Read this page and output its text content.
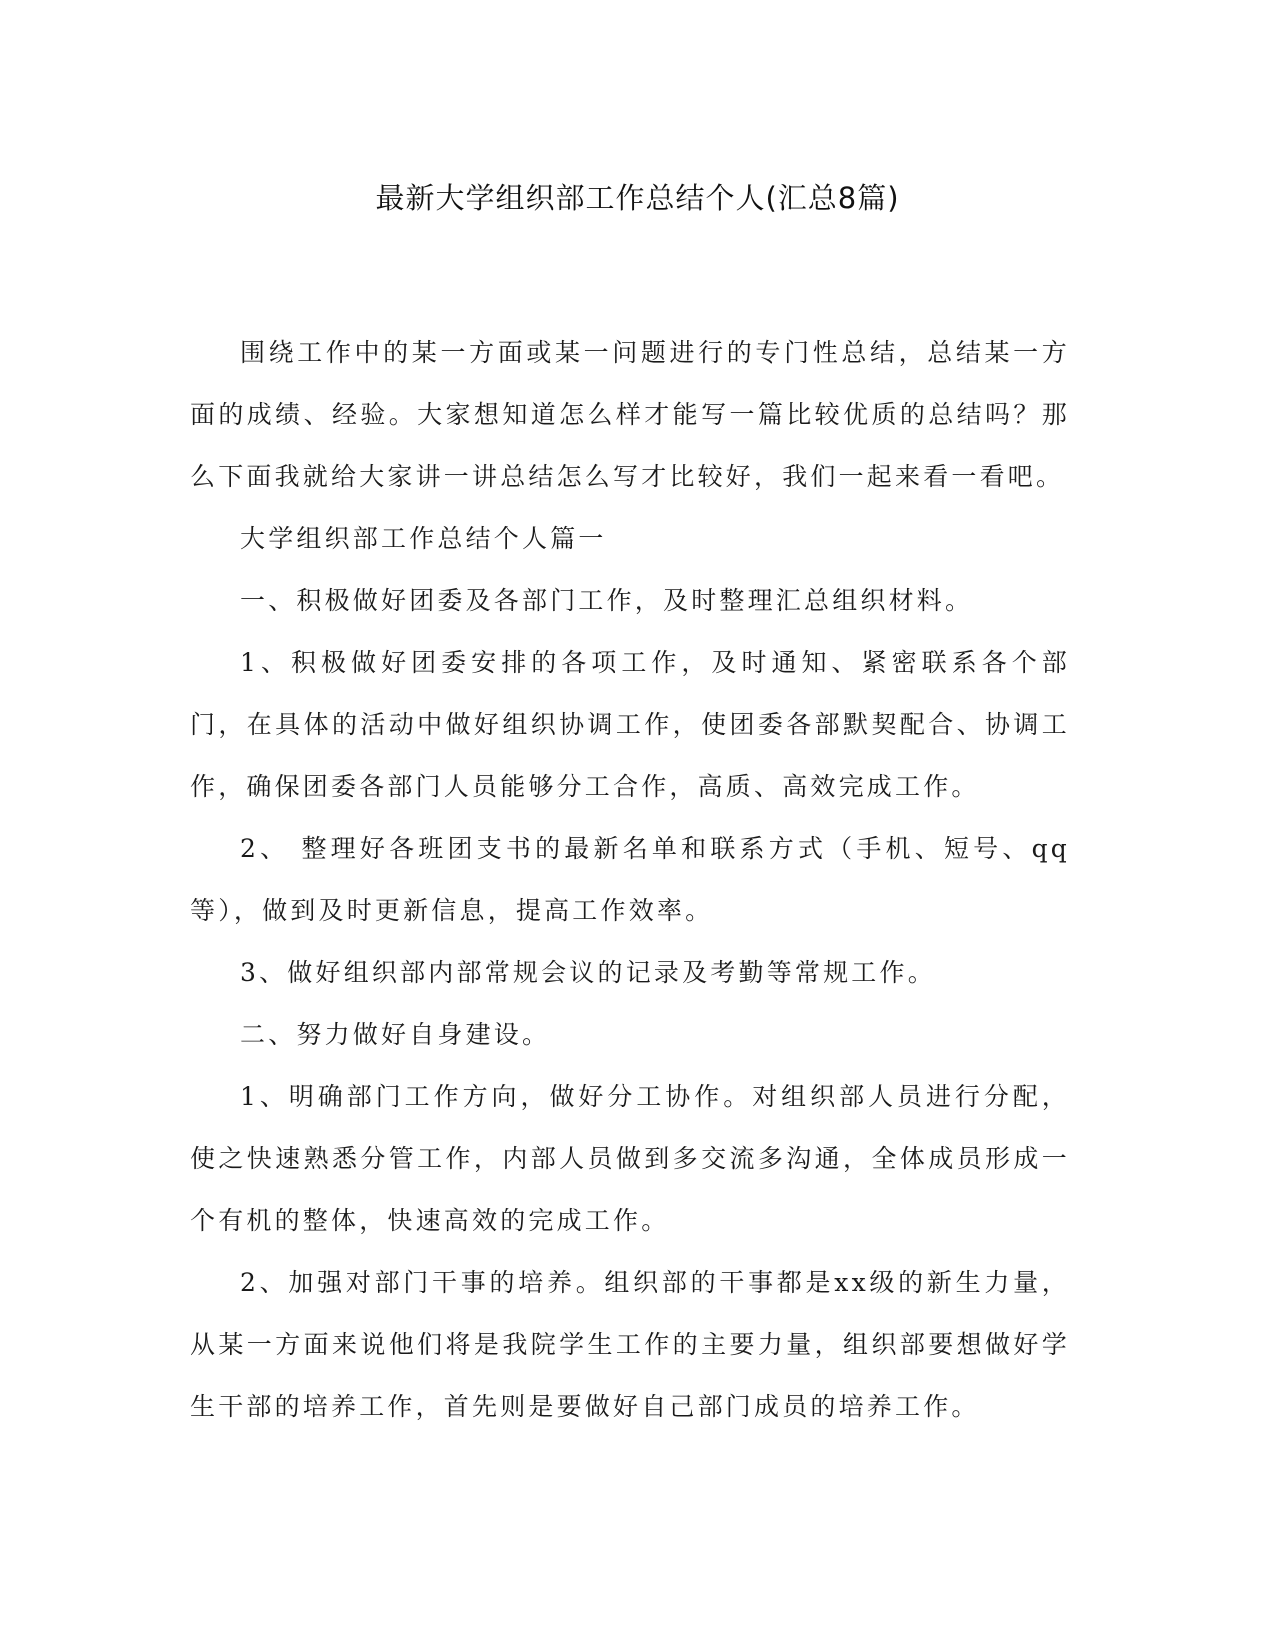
最新大学组织部工作总结个人(汇总8篇)

围绕工作中的某一方面或某一问题进行的专门性总结，总结某一方面的成绩、经验。大家想知道怎么样才能写一篇比较优质的总结吗？那么下面我就给大家讲一讲总结怎么写才比较好，我们一起来看一看吧。

大学组织部工作总结个人篇一

一、积极做好团委及各部门工作，及时整理汇总组织材料。

1、积极做好团委安排的各项工作，及时通知、紧密联系各个部门，在具体的活动中做好组织协调工作，使团委各部默契配合、协调工作，确保团委各部门人员能够分工合作，高质、高效完成工作。

2、 整理好各班团支书的最新名单和联系方式（手机、短号、qq等），做到及时更新信息，提高工作效率。

3、做好组织部内部常规会议的记录及考勤等常规工作。

二、努力做好自身建设。

1、明确部门工作方向，做好分工协作。对组织部人员进行分配，使之快速熟悉分管工作，内部人员做到多交流多沟通，全体成员形成一个有机的整体，快速高效的完成工作。

2、加强对部门干事的培养。组织部的干事都是xx级的新生力量，从某一方面来说他们将是我院学生工作的主要力量，组织部要想做好学生干部的培养工作，首先则是要做好自己部门成员的培养工作。
